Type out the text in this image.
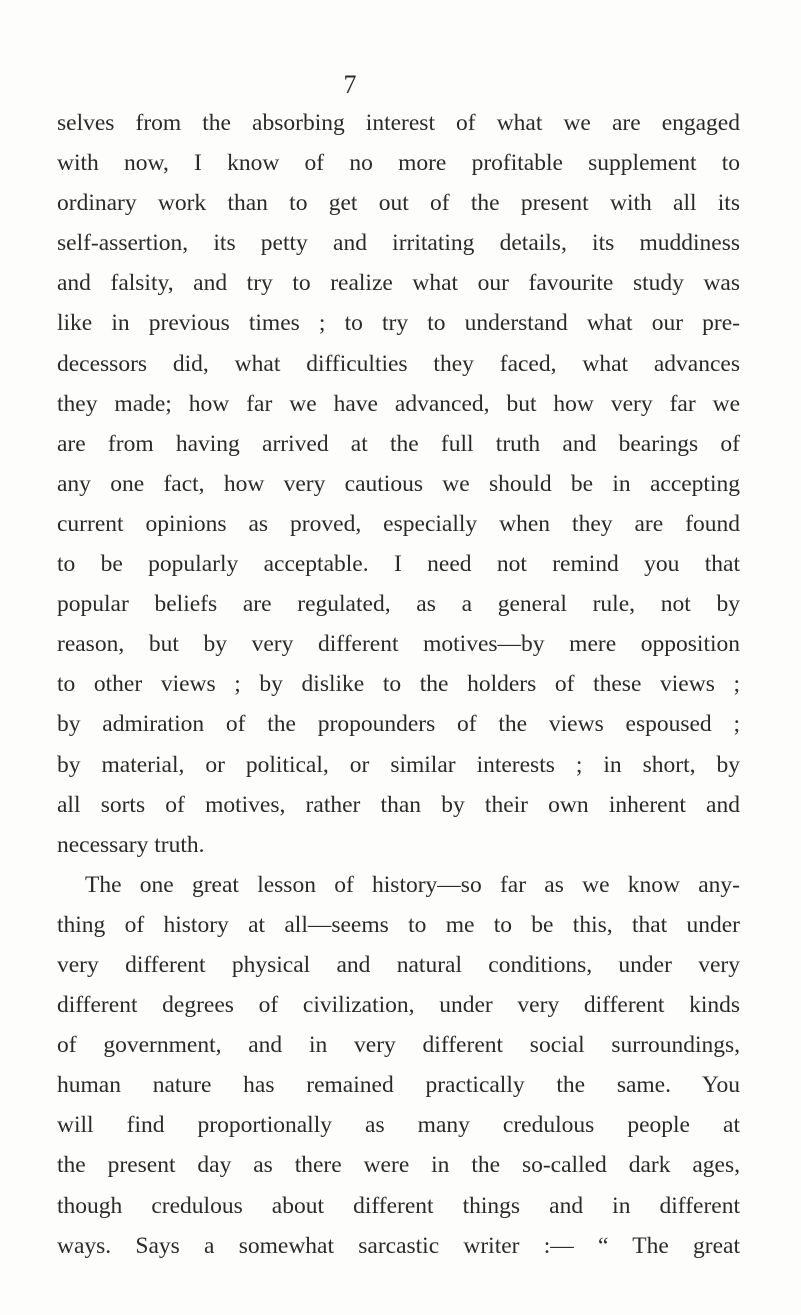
7
selves from the absorbing interest of what we are engaged
with now, I know of no more profitable supplement to
ordinary work than to get out of the present with all its
self-assertion, its petty and irritating details, its muddiness
and falsity, and try to realize what our favourite study was
like in previous times ; to try to understand what our pre-
decessors did, what difficulties they faced, what advances
they made; how far we have advanced, but how very far we
are from having arrived at the full truth and bearings of
any one fact, how very cautious we should be in accepting
current opinions as proved, especially when they are found
to be popularly acceptable. I need not remind you that
popular beliefs are regulated, as a general rule, not by
reason, but by very different motives—by mere opposition
to other views ; by dislike to the holders of these views ;
by admiration of the propounders of the views espoused ;
by material, or political, or similar interests ; in short, by
all sorts of motives, rather than by their own inherent and
necessary truth.
The one great lesson of history—so far as we know any-
thing of history at all—seems to me to be this, that under
very different physical and natural conditions, under very
different degrees of civilization, under very different kinds
of government, and in very different social surroundings,
human nature has remained practically the same. You
will find proportionally as many credulous people at
the present day as there were in the so-called dark ages,
though credulous about different things and in different
ways. Says a somewhat sarcastic writer :— “ The great
